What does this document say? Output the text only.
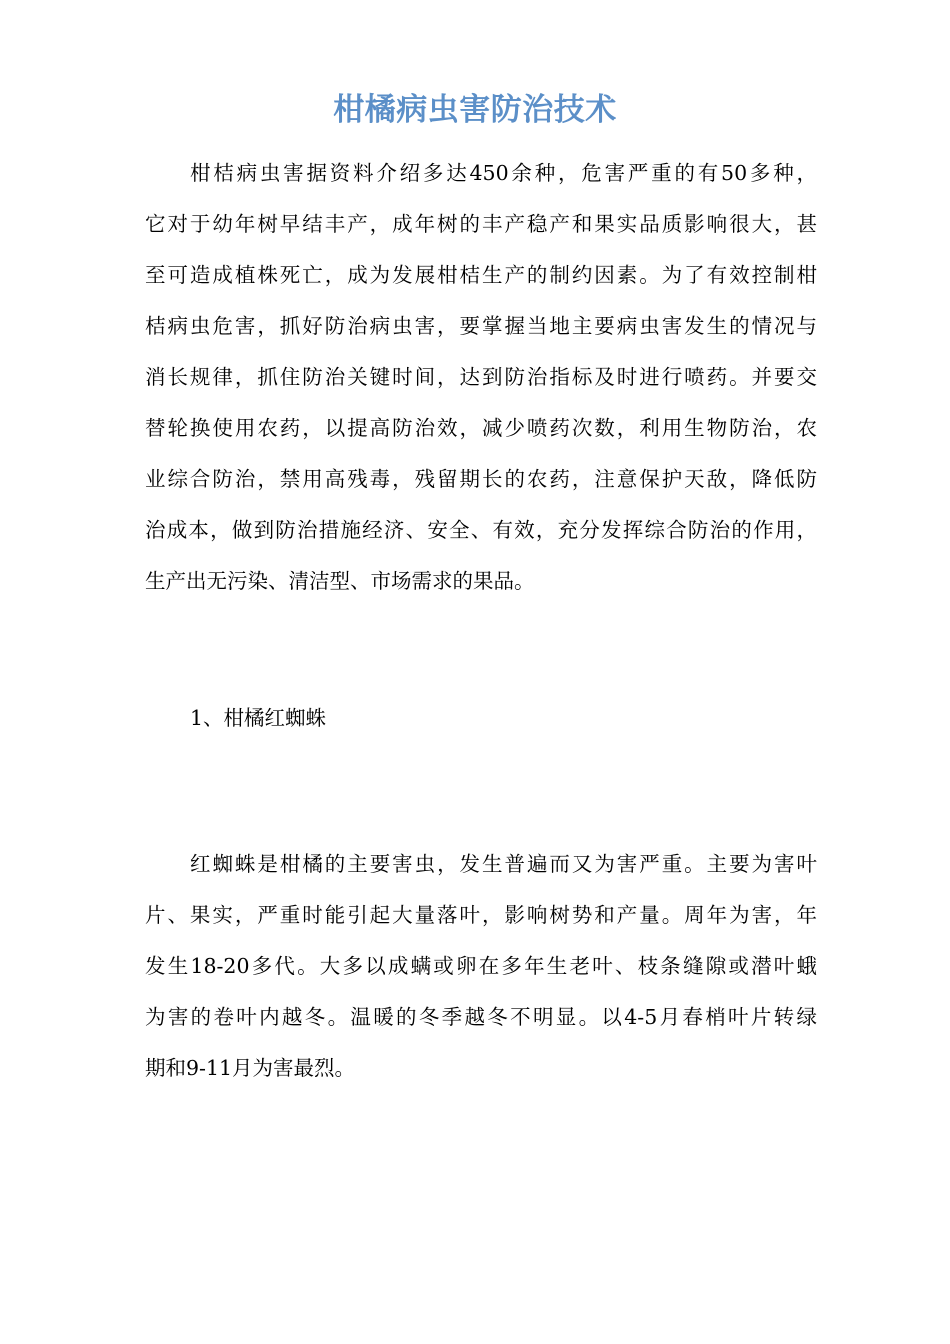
柑橘病虫害防治技术
柑桔病虫害据资料介绍多达450余种，危害严重的有50多种，
它对于幼年树早结丰产，成年树的丰产稳产和果实品质影响很大，甚
至可造成植株死亡，成为发展柑桔生产的制约因素。为了有效控制柑
桔病虫危害，抓好防治病虫害，要掌握当地主要病虫害发生的情况与
消长规律，抓住防治关键时间，达到防治指标及时进行喷药。并要交
替轮换使用农药，以提高防治效，减少喷药次数，利用生物防治，农
业综合防治，禁用高残毒，残留期长的农药，注意保护天敌，降低防
治成本，做到防治措施经济、安全、有效，充分发挥综合防治的作用，
生产出无污染、清洁型、市场需求的果品。
1、柑橘红蜘蛛
红蜘蛛是柑橘的主要害虫，发生普遍而又为害严重。主要为害叶
片、果实，严重时能引起大量落叶，影响树势和产量。周年为害，年
发生18-20多代。大多以成螨或卵在多年生老叶、枝条缝隙或潜叶蛾
为害的卷叶内越冬。温暖的冬季越冬不明显。以4-5月春梢叶片转绿
期和9-11月为害最烈。
